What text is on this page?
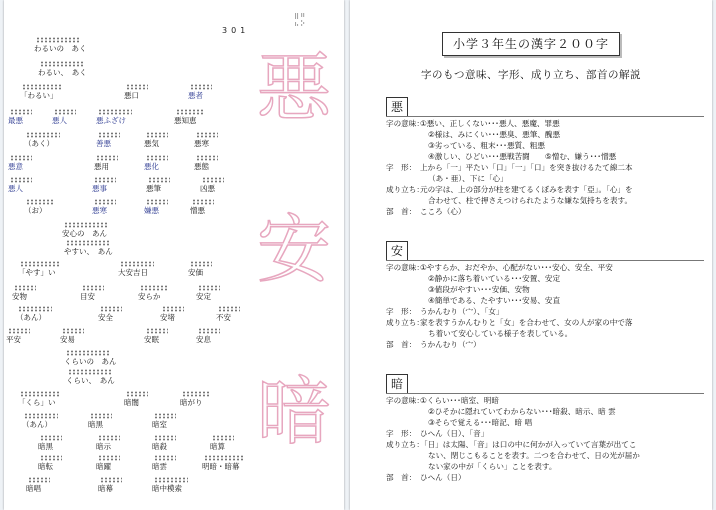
⠿⠛
⠦⠕
301
悪
安
暗
わるいの　あく
わるい、　あく
「わるい」	悪口	悪者
最悪	悪人	悪ふざけ	悪知恵
（あく）	善悪	悪気	悪寒
悪意	悪用	悪化	悪態
悪人	悪事	悪筆	凶悪
（お）	悪寒	嫌悪	憎悪
安心の　あん
やすい、　あん
「やす」い	大安吉日	安価
安物	目安	安らか	安定
（あん）	安全	安堵	不安
平安	安易	安眠	安息
くらいの　あん
くらい、　あん
「くら」い	暗闇	暗がり
（あん）	暗黒	暗室
暗黒	暗示	暗殺	暗算
暗転	暗躍	暗雲	明暗・暗幕
暗唱	暗幕	暗中模索
小学３年生の漢字２００字
字のもつ意味、字形、成り立ち、部首の解説
悪
字の意味：①悪い、正しくない･･･悪人、悪魔、罪悪
②様は、みにくい･･･悪臭、悪筆、醜悪
③劣っている、粗末･･･悪質、粗悪
④激しい、ひどい･･･悪戦苦闘　　⑤憎む、嫌う･･･憎悪
字　形： 上から「一」平たい「口」「一」「口」を突き抜けるたて線二本
（あ・亜）、下に「心」
成り立ち：元の字は、上の部分が柱を建てるくぼみを表す「亞」。「心」を
合わせて、柱で押さえつけられたような嫌な気持ちを表す。
部　首： こころ（心）
安
字の意味：①やすらか、おだやか、心配がない･･･安心、安全、平安
②静かに落ち着いている･･･安置、安定
③値段がやすい･･･安価、安物
④簡単である、たやすい･･･安易、安直
字　形： うかんむり（宀）、「女」
成り立ち：家を表すうかんむりと「女」を合わせて、女の人が家の中で落
ち着いて安心している様子を表している。
部　首： うかんむり（宀）
暗
字の意味：①くらい･･･暗室、明暗
②ひそかに隠れていてわからない･･･暗殺、暗示、暗 雲
③そらで覚える･･･暗記、暗 唱
字　形： ひへん（日）、「音」
成り立ち：「日」は太陽、「音」は口の中に何かが入っていて言葉が出てこ
ない、閉じこもることを表す。二つを合わせて、日の光が届か
ない家の中が「くらい」ことを表す。
部　首： ひへん（日）
